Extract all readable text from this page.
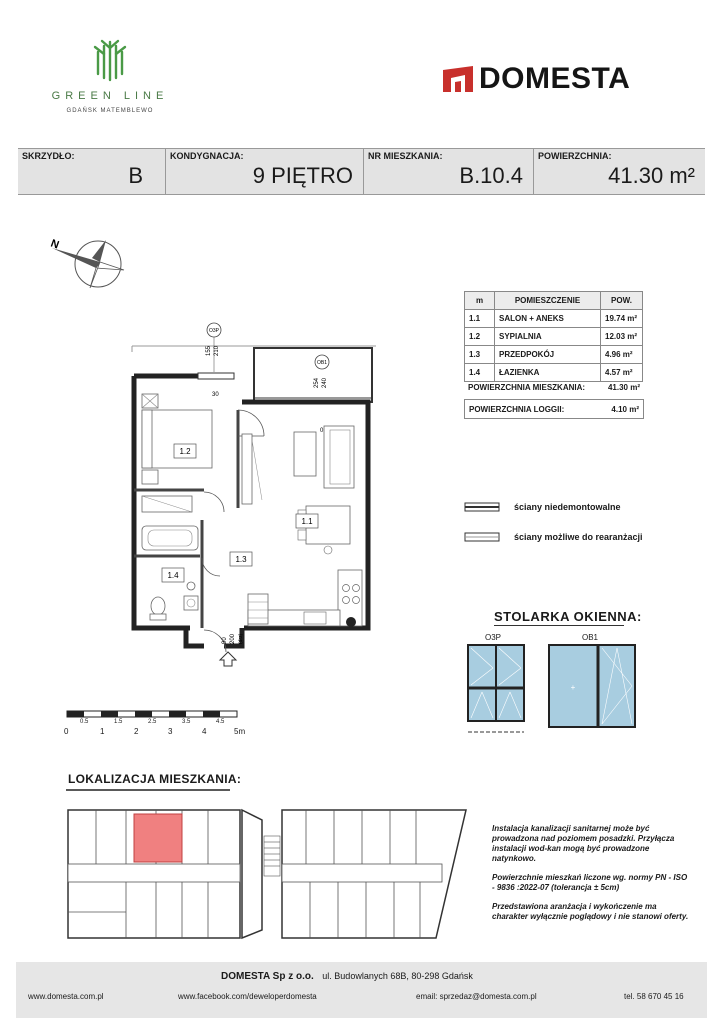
GREEN LINE
GDAŃSK MATEMBLEWO
DOMESTA
SKRZYDŁO:
B
KONDYGNACJA:
9 PIĘTRO
NR MIESZKANIA:
B.10.4
POWIERZCHNIA:
41.30 m²
N
O3P
OB1
155 210
30
254 240
0
90 200 (drz)
1.2
1.1
1.3
1.4
m	POMIESZCZENIE	POW.
1.1	SALON + ANEKS	19.74 m²
1.2	SYPIALNIA	12.03 m²
1.3	PRZEDPOKÓJ	4.96 m²
1.4	ŁAZIENKA	4.57 m²
POWIERZCHNIA MIESZKANIA:	41.30 m²
POWIERZCHNIA LOGGII:	4.10 m²
ściany niedemontowalne
ściany możliwe do rearanżacji
STOLARKA OKIENNA:
O3P	OB1
+
0
0.5
1
1.5
2
2.5
3
3.5
4
4.5
5m
LOKALIZACJA MIESZKANIA:

Instalacja kanalizacji sanitarnej może być prowadzona nad poziomem posadzki. Przyłącza instalacji wod-kan mogą być prowadzone natynkowo.

Powierzchnie mieszkań liczone wg. normy PN - ISO - 9836 :2022-07 (tolerancja ± 5cm)

Przedstawiona aranżacja i wykończenie ma charakter wyłącznie poglądowy i nie stanowi oferty.

DOMESTA Sp z o.o. ul. Budowlanych 68B, 80-298 Gdańsk
www.domesta.com.pl	www.facebook.com/deweloperdomesta	email: sprzedaz@domesta.com.pl	tel. 58 670 45 16
